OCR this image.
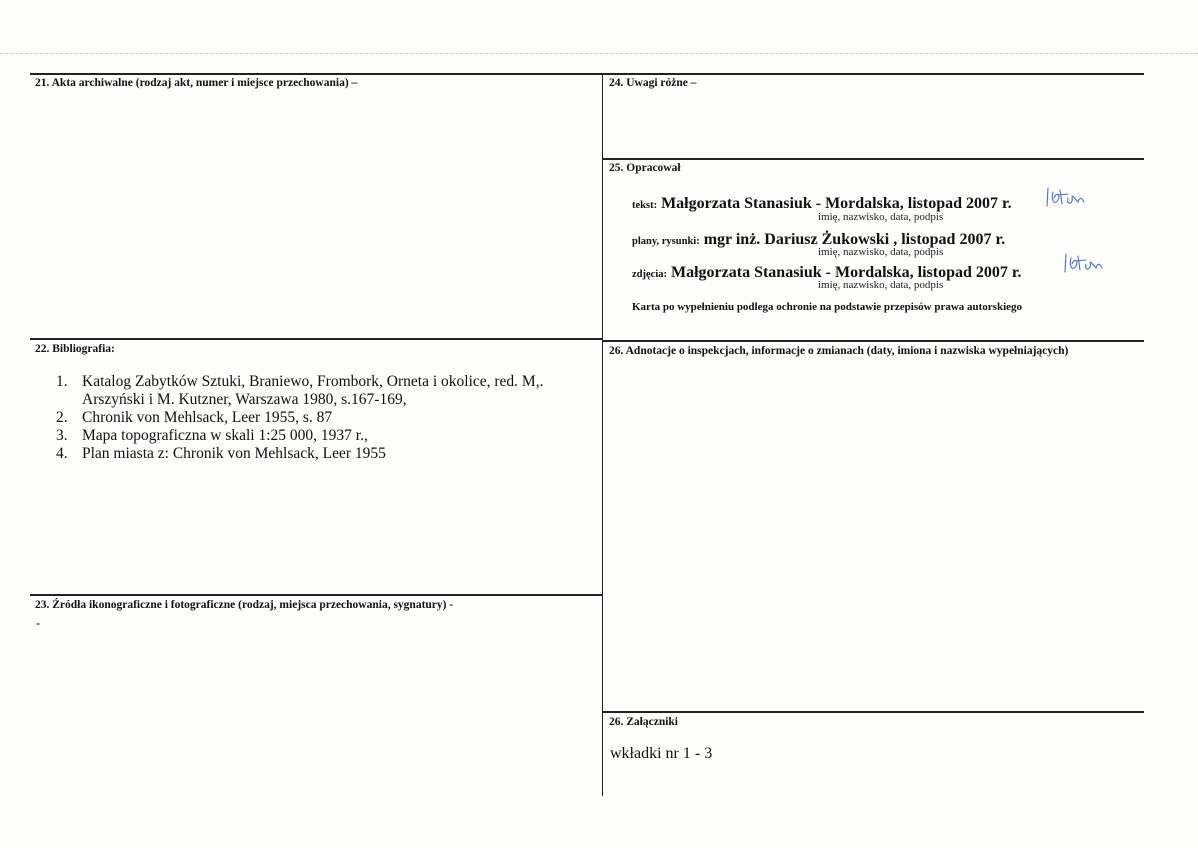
21. Akta archiwalne (rodzaj akt, numer i miejsce przechowania) –	24. Uwagi różne –
25. Opracował
tekst: Małgorzata Stanasiuk - Mordalska, listopad 2007 r.
imię, nazwisko, data, podpis
plany, rysunki: mgr inż. Dariusz Żukowski , listopad 2007 r.
imię, nazwisko, data, podpis
zdjęcia: Małgorzata Stanasiuk - Mordalska, listopad 2007 r.
imię, nazwisko, data, podpis
Karta po wypełnieniu podlega ochronie na podstawie przepisów prawa autorskiego
22. Bibliografia:
1. Katalog Zabytków Sztuki, Braniewo, Frombork, Orneta i okolice, red. M,.
Arszyński i M. Kutzner, Warszawa 1980, s.167-169,
2. Chronik von Mehlsack, Leer 1955, s. 87
3. Mapa topograficzna w skali 1:25 000, 1937 r.,
4. Plan miasta z: Chronik von Mehlsack, Leer 1955
26. Adnotacje o inspekcjach, informacje o zmianach (daty, imiona i nazwiska wypełniających)
23. Źródła ikonograficzne i fotograficzne (rodzaj, miejsca przechowania, sygnatury) -
-
26. Załączniki
wkładki nr 1 - 3
